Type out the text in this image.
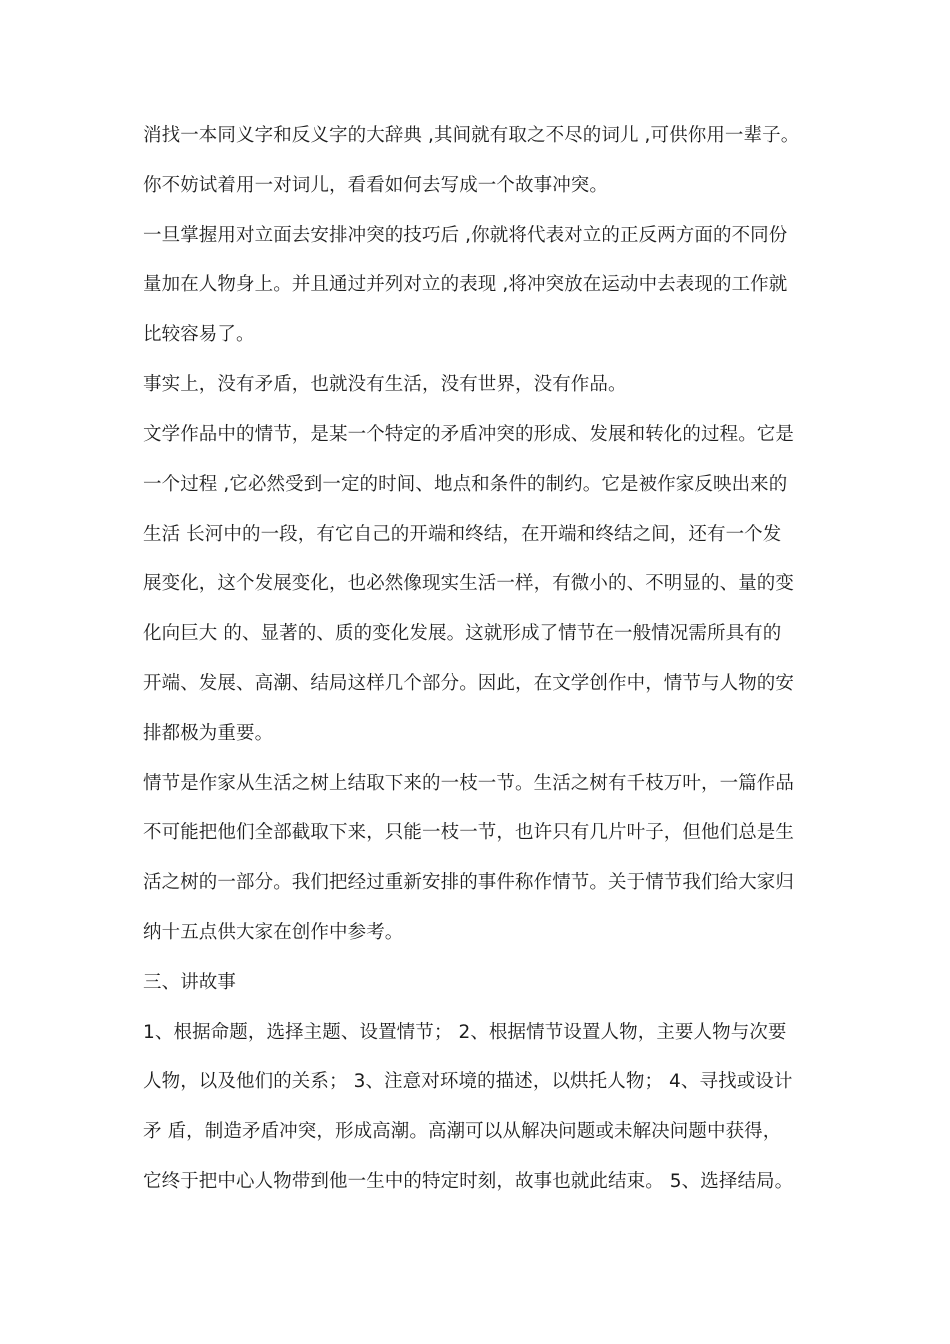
消找一本同义字和反义字的大辞典 ,其间就有取之不尽的词儿 ,可供你用一辈子。
你不妨试着用一对词儿，看看如何去写成一个故事冲突。
一旦掌握用对立面去安排冲突的技巧后 ,你就将代表对立的正反两方面的不同份
量加在人物身上。并且通过并列对立的表现 ,将冲突放在运动中去表现的工作就
比较容易了。
事实上，没有矛盾，也就没有生活，没有世界，没有作品。
文学作品中的情节，是某一个特定的矛盾冲突的形成、发展和转化的过程。它是
一个过程 ,它必然受到一定的时间、地点和条件的制约。它是被作家反映出来的
生活 长河中的一段，有它自己的开端和终结，在开端和终结之间，还有一个发
展变化，这个发展变化，也必然像现实生活一样，有微小的、不明显的、量的变
化向巨大 的、显著的、质的变化发展。这就形成了情节在一般情况需所具有的
开端、发展、高潮、结局这样几个部分。因此，在文学创作中，情节与人物的安
排都极为重要。
情节是作家从生活之树上结取下来的一枝一节。生活之树有千枝万叶，一篇作品
不可能把他们全部截取下来，只能一枝一节，也许只有几片叶子，但他们总是生
活之树的一部分。我们把经过重新安排的事件称作情节。关于情节我们给大家归
纳十五点供大家在创作中参考。
三、讲故事
1、根据命题，选择主题、设置情节； 2、根据情节设置人物，主要人物与次要
人物，以及他们的关系； 3、注意对环境的描述，以烘托人物； 4、寻找或设计
矛 盾，制造矛盾冲突，形成高潮。高潮可以从解决问题或未解决问题中获得，
它终于把中心人物带到他一生中的特定时刻，故事也就此结束。 5、选择结局。
